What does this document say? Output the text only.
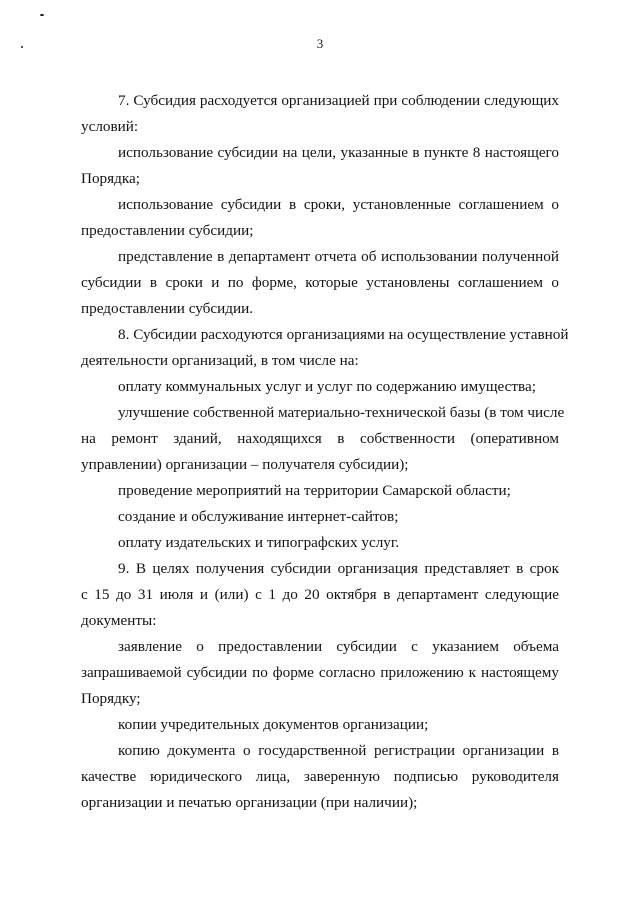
3
7. Субсидия расходуется организацией при соблюдении следующих
условий:
использование субсидии на цели, указанные в пункте 8 настоящего
Порядка;
использование субсидии в сроки, установленные соглашением о
предоставлении субсидии;
представление в департамент отчета об использовании полученной
субсидии в сроки и по форме, которые установлены соглашением о
предоставлении субсидии.
8. Субсидии расходуются организациями на осуществление уставной
деятельности организаций, в том числе на:
оплату коммунальных услуг и услуг по содержанию имущества;
улучшение собственной материально-технической базы (в том числе
на ремонт зданий, находящихся в собственности (оперативном
управлении) организации – получателя субсидии);
проведение мероприятий на территории Самарской области;
создание и обслуживание интернет-сайтов;
оплату издательских и типографских услуг.
9. В целях получения субсидии организация представляет в срок
с 15 до 31 июля и (или) с 1 до 20 октября в департамент следующие
документы:
заявление о предоставлении субсидии с указанием объема
запрашиваемой субсидии по форме согласно приложению к настоящему
Порядку;
копии учредительных документов организации;
копию документа о государственной регистрации организации в
качестве юридического лица, заверенную подписью руководителя
организации и печатью организации (при наличии);
